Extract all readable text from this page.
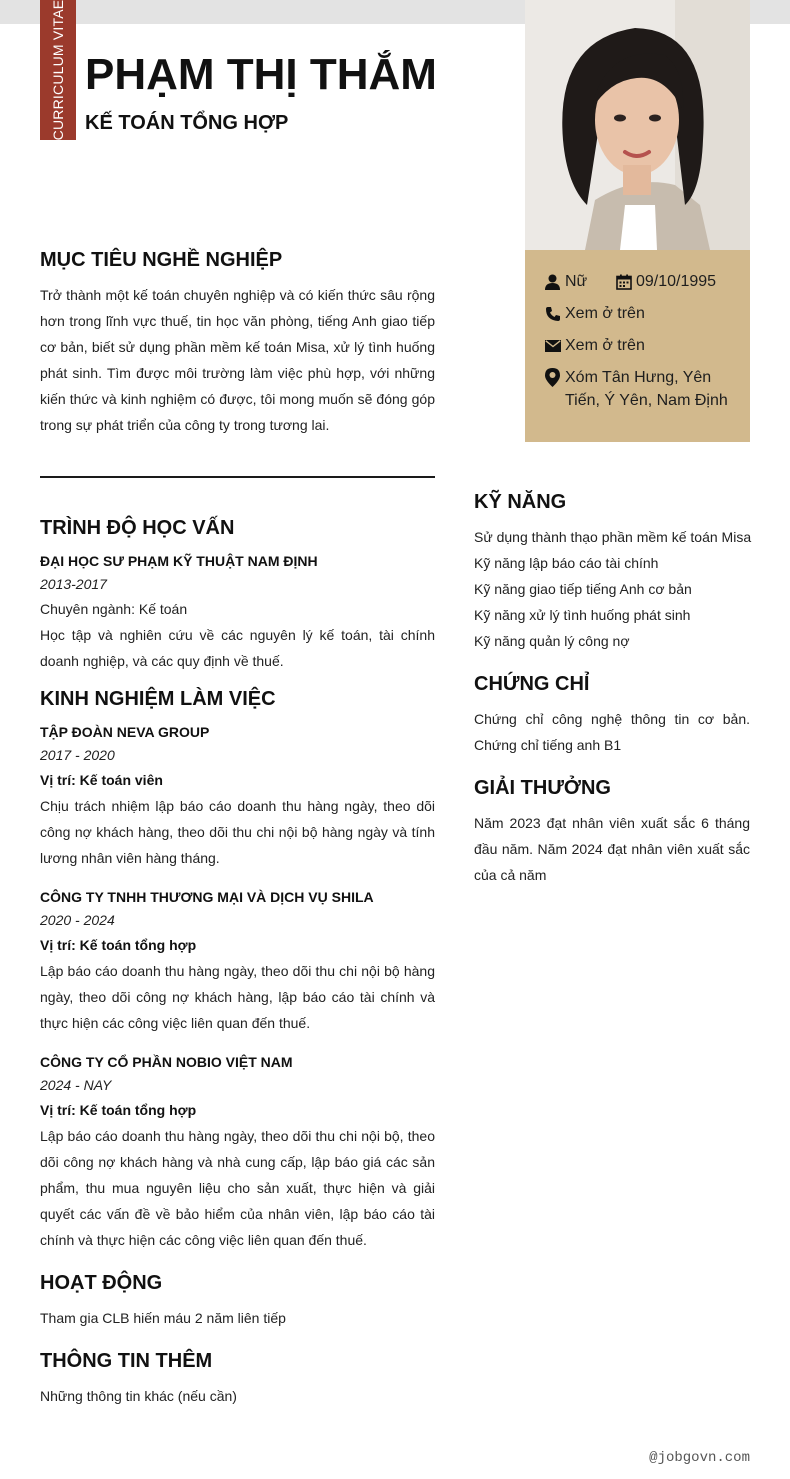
CURRICULUM VITAE PHẠM THỊ THẮM
KẾ TOÁN TỔNG HỢP
Nữ	09/10/1995
Xem ở trên
Xem ở trên
Xóm Tân Hưng, Yên
Tiến, Ý Yên, Nam Định
MỤC TIÊU NGHỀ NGHIỆP
Trở thành một kế toán chuyên nghiệp và có kiến thức sâu rộng hơn trong lĩnh vực thuế, tin học văn phòng, tiếng Anh giao tiếp cơ bản, biết sử dụng phần mềm kế toán Misa, xử lý tình huống phát sinh. Tìm được môi trường làm việc phù hợp, với những kiến thức và kinh nghiệm có được, tôi mong muốn sẽ đóng góp trong sự phát triển của công ty trong tương lai.
TRÌNH ĐỘ HỌC VẤN
ĐẠI HỌC SƯ PHẠM KỸ THUẬT NAM ĐỊNH
2013-2017
Chuyên ngành: Kế toán
Học tập và nghiên cứu về các nguyên lý kế toán, tài chính doanh nghiệp, và các quy định về thuế.
KINH NGHIỆM LÀM VIỆC
TẬP ĐOÀN NEVA GROUP
2017 - 2020
Vị trí: Kế toán viên
Chịu trách nhiệm lập báo cáo doanh thu hàng ngày, theo dõi công nợ khách hàng, theo dõi thu chi nội bộ hàng ngày và tính lương nhân viên hàng tháng.
CÔNG TY TNHH THƯƠNG MẠI VÀ DỊCH VỤ SHILA
2020 - 2024
Vị trí: Kế toán tổng hợp
Lập báo cáo doanh thu hàng ngày, theo dõi thu chi nội bộ hàng ngày, theo dõi công nợ khách hàng, lập báo cáo tài chính và thực hiện các công việc liên quan đến thuế.
CÔNG TY CỔ PHẦN NOBIO VIỆT NAM
2024 - NAY
Vị trí: Kế toán tổng hợp
Lập báo cáo doanh thu hàng ngày, theo dõi thu chi nội bộ, theo dõi công nợ khách hàng và nhà cung cấp, lập báo giá các sản phẩm, thu mua nguyên liệu cho sản xuất, thực hiện và giải quyết các vấn đề về bảo hiểm của nhân viên, lập báo cáo tài chính và thực hiện các công việc liên quan đến thuế.
HOẠT ĐỘNG
Tham gia CLB hiến máu 2 năm liên tiếp
THÔNG TIN THÊM
Những thông tin khác (nếu cần)
KỸ NĂNG
Sử dụng thành thạo phần mềm kế toán Misa
Kỹ năng lập báo cáo tài chính
Kỹ năng giao tiếp tiếng Anh cơ bản
Kỹ năng xử lý tình huống phát sinh
Kỹ năng quản lý công nợ
CHỨNG CHỈ
Chứng chỉ công nghệ thông tin cơ bản. Chứng chỉ tiếng anh B1
GIẢI THƯỞNG
Năm 2023 đạt nhân viên xuất sắc 6 tháng đầu năm. Năm 2024 đạt nhân viên xuất sắc của cả năm
@jobgovn.com
